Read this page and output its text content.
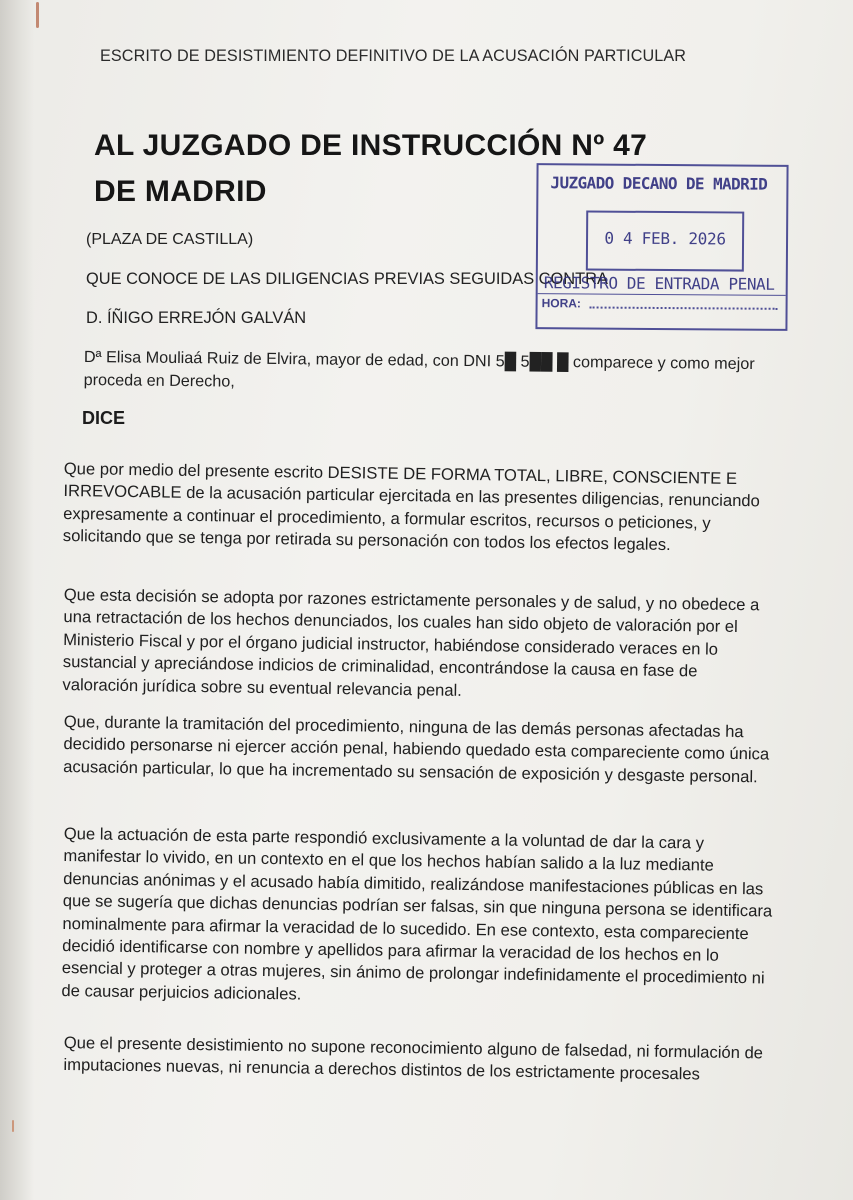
ESCRITO DE DESISTIMIENTO DEFINITIVO DE LA ACUSACIÓN PARTICULAR
AL JUZGADO DE INSTRUCCIÓN Nº 47
DE MADRID
(PLAZA DE CASTILLA)
QUE CONOCE DE LAS DILIGENCIAS PREVIAS SEGUIDAS CONTRA
D. ÍÑIGO ERREJÓN GALVÁN
Dª Elisa Mouliaá Ruiz de Elvira, mayor de edad, con DNI 5█ 5██ █ comparece y como mejor proceda en Derecho,
DICE
Que por medio del presente escrito DESISTE DE FORMA TOTAL, LIBRE, CONSCIENTE E IRREVOCABLE de la acusación particular ejercitada en las presentes diligencias, renunciando expresamente a continuar el procedimiento, a formular escritos, recursos o peticiones, y solicitando que se tenga por retirada su personación con todos los efectos legales.
Que esta decisión se adopta por razones estrictamente personales y de salud, y no obedece a una retractación de los hechos denunciados, los cuales han sido objeto de valoración por el Ministerio Fiscal y por el órgano judicial instructor, habiéndose considerado veraces en lo sustancial y apreciándose indicios de criminalidad, encontrándose la causa en fase de valoración jurídica sobre su eventual relevancia penal.
Que, durante la tramitación del procedimiento, ninguna de las demás personas afectadas ha decidido personarse ni ejercer acción penal, habiendo quedado esta compareciente como única acusación particular, lo que ha incrementado su sensación de exposición y desgaste personal.
Que la actuación de esta parte respondió exclusivamente a la voluntad de dar la cara y manifestar lo vivido, en un contexto en el que los hechos habían salido a la luz mediante denuncias anónimas y el acusado había dimitido, realizándose manifestaciones públicas en las que se sugería que dichas denuncias podrían ser falsas, sin que ninguna persona se identificara nominalmente para afirmar la veracidad de lo sucedido. En ese contexto, esta compareciente decidió identificarse con nombre y apellidos para afirmar la veracidad de los hechos en lo esencial y proteger a otras mujeres, sin ánimo de prolongar indefinidamente el procedimiento ni de causar perjuicios adicionales.
Que el presente desistimiento no supone reconocimiento alguno de falsedad, ni formulación de imputaciones nuevas, ni renuncia a derechos distintos de los estrictamente procesales
JUZGADO DECANO DE MADRID
0 4 FEB. 2026
REGISTRO DE ENTRADA PENAL
HORA:
